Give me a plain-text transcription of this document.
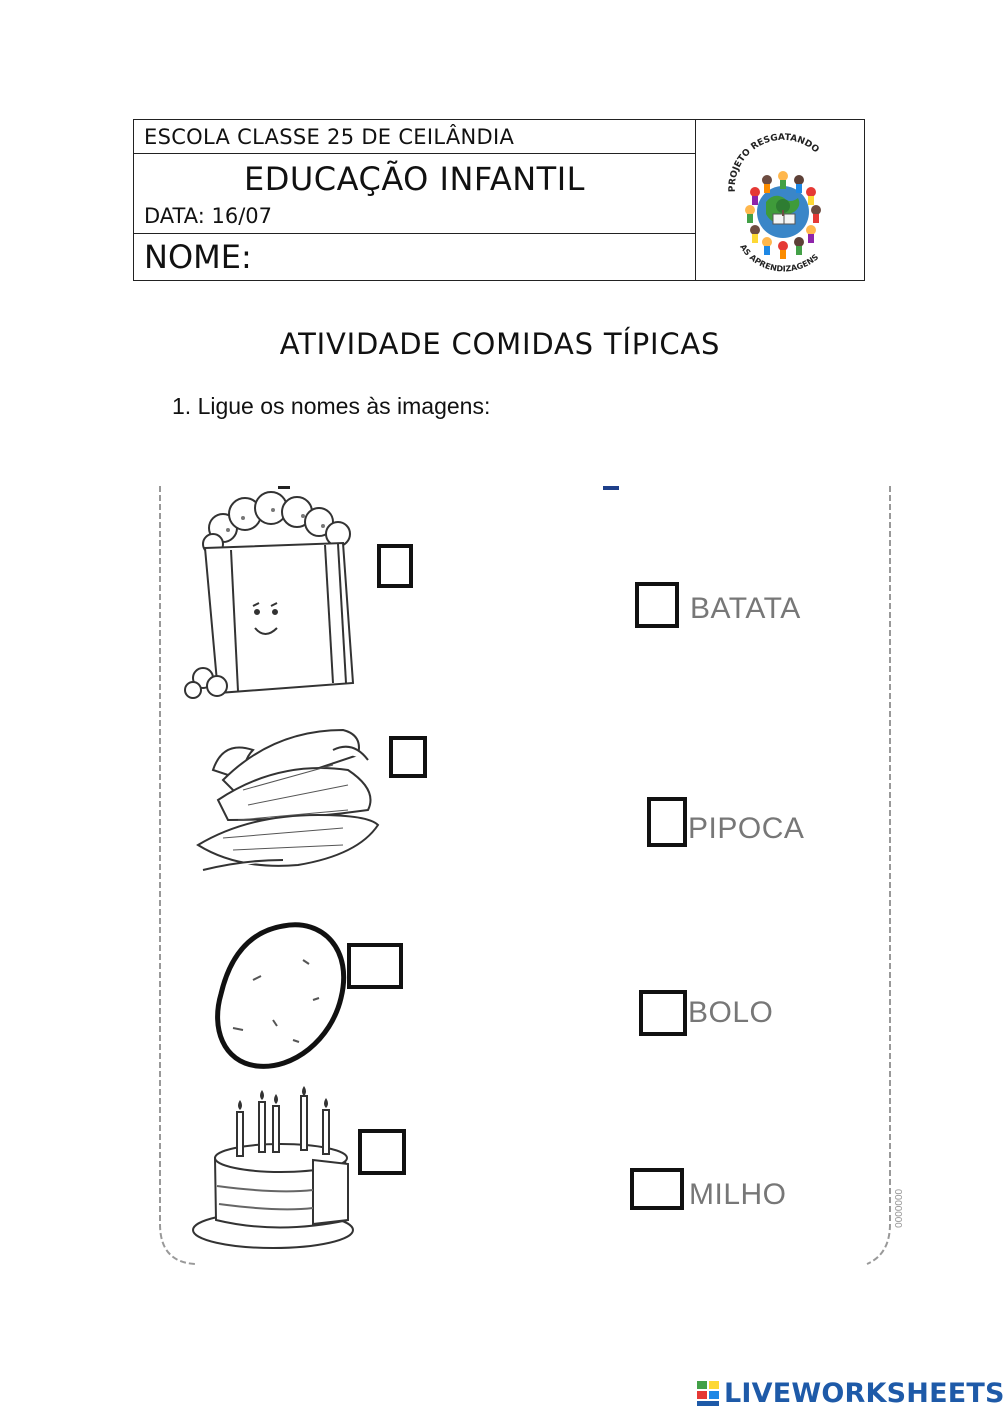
ESCOLA CLASSE 25 DE CEILÂNDIA
EDUCAÇÃO INFANTIL
DATA: 16/07
NOME:
PROJETO RESGATANDO
AS APRENDIZAGENS
ATIVIDADE COMIDAS TÍPICAS
1. Ligue os nomes às imagens:
0000000
BATATA
PIPOCA
BOLO
MILHO
LIVEWORKSHEETS
